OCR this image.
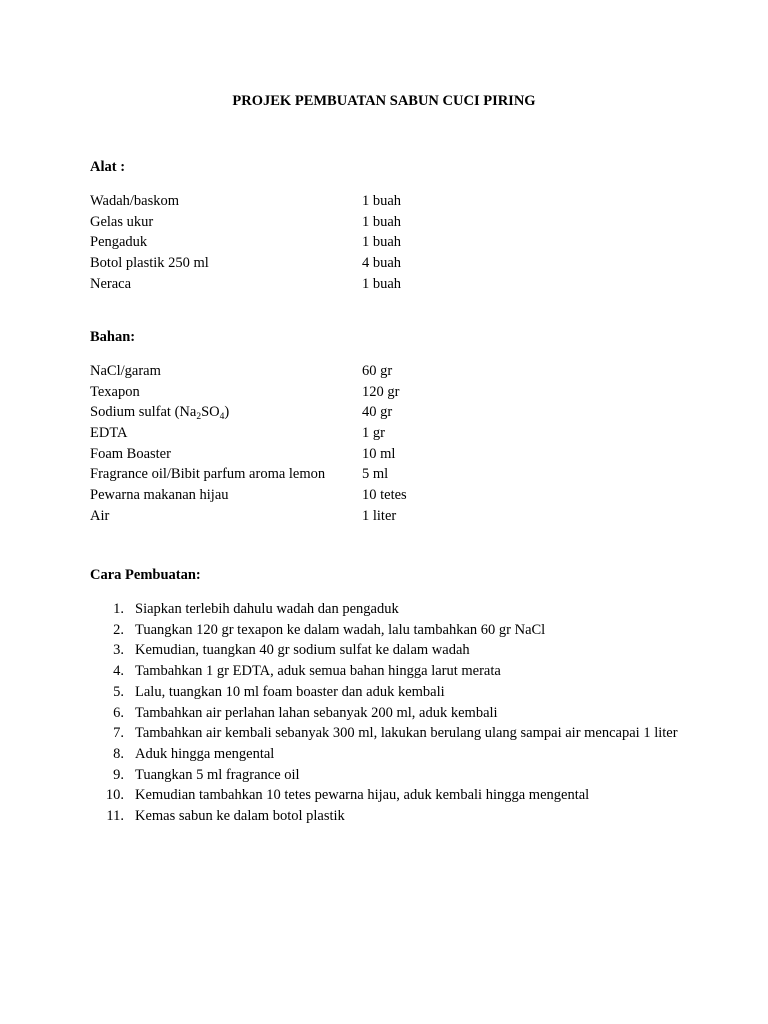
PROJEK PEMBUATAN SABUN CUCI PIRING
Alat :
Wadah/baskom	1 buah
Gelas ukur	1 buah
Pengaduk	1 buah
Botol plastik 250 ml	4 buah
Neraca	1 buah
Bahan:
NaCl/garam	60 gr
Texapon	120 gr
Sodium sulfat $(Na_2SO_4)$	40 gr
EDTA	1 gr
Foam Boaster	10 ml
Fragrance oil/Bibit parfum aroma lemon	5 ml
Pewarna makanan hijau	10 tetes
Air	1 liter
Cara Pembuatan:
1. Siapkan terlebih dahulu wadah dan pengaduk
2. Tuangkan 120 gr texapon ke dalam wadah, lalu tambahkan 60 gr NaCl
3. Kemudian, tuangkan 40 gr sodium sulfat ke dalam wadah
4. Tambahkan 1 gr EDTA, aduk semua bahan hingga larut merata
5. Lalu, tuangkan 10 ml foam boaster dan aduk kembali
6. Tambahkan air perlahan lahan sebanyak 200 ml, aduk kembali
7. Tambahkan air kembali sebanyak 300 ml, lakukan berulang ulang sampai air mencapai 1 liter
8. Aduk hingga mengental
9. Tuangkan 5 ml fragrance oil
10. Kemudian tambahkan 10 tetes pewarna hijau, aduk kembali hingga mengental
11. Kemas sabun ke dalam botol plastik
